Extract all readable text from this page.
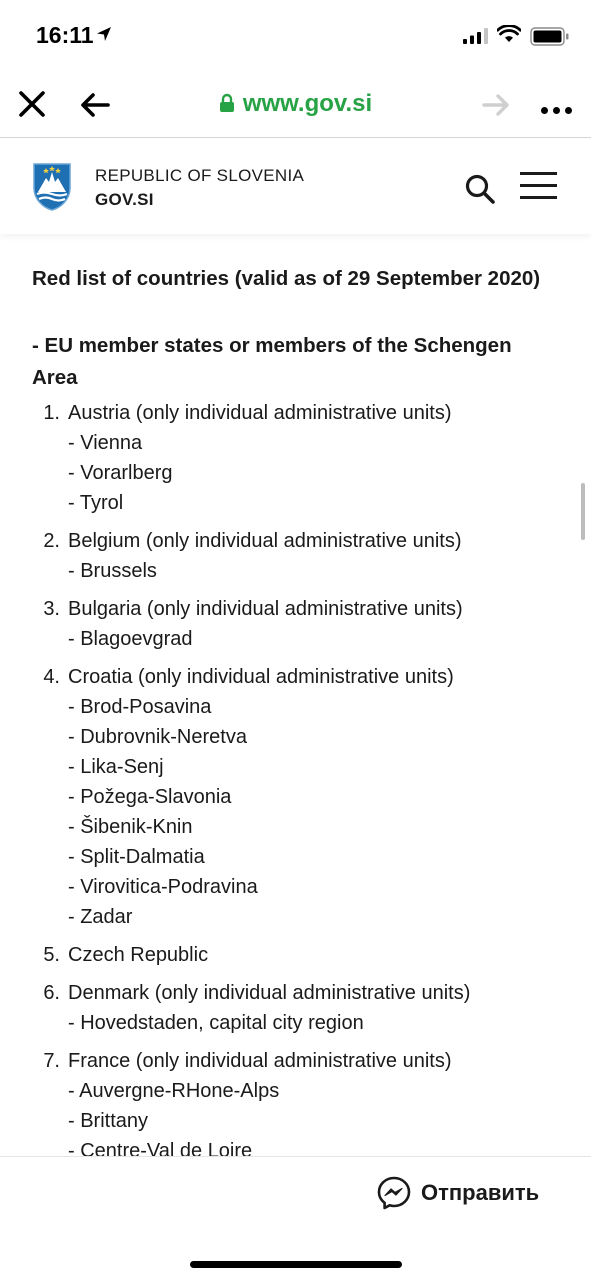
16:11
www.gov.si
REPUBLIC OF SLOVENIA
GOV.SI
Red list of countries (valid as of 29 September 2020)
- EU member states or members of the Schengen Area
1. Austria (only individual administrative units)
- Vienna
- Vorarlberg
- Tyrol
2. Belgium (only individual administrative units)
- Brussels
3. Bulgaria (only individual administrative units)
- Blagoevgrad
4. Croatia (only individual administrative units)
- Brod-Posavina
- Dubrovnik-Neretva
- Lika-Senj
- Požega-Slavonia
- Šibenik-Knin
- Split-Dalmatia
- Virovitica-Podravina
- Zadar
5. Czech Republic
6. Denmark (only individual administrative units)
- Hovedstaden, capital city region
7. France (only individual administrative units)
- Auvergne-RHone-Alps
- Brittany
- Centre-Val de Loire
Отправить
